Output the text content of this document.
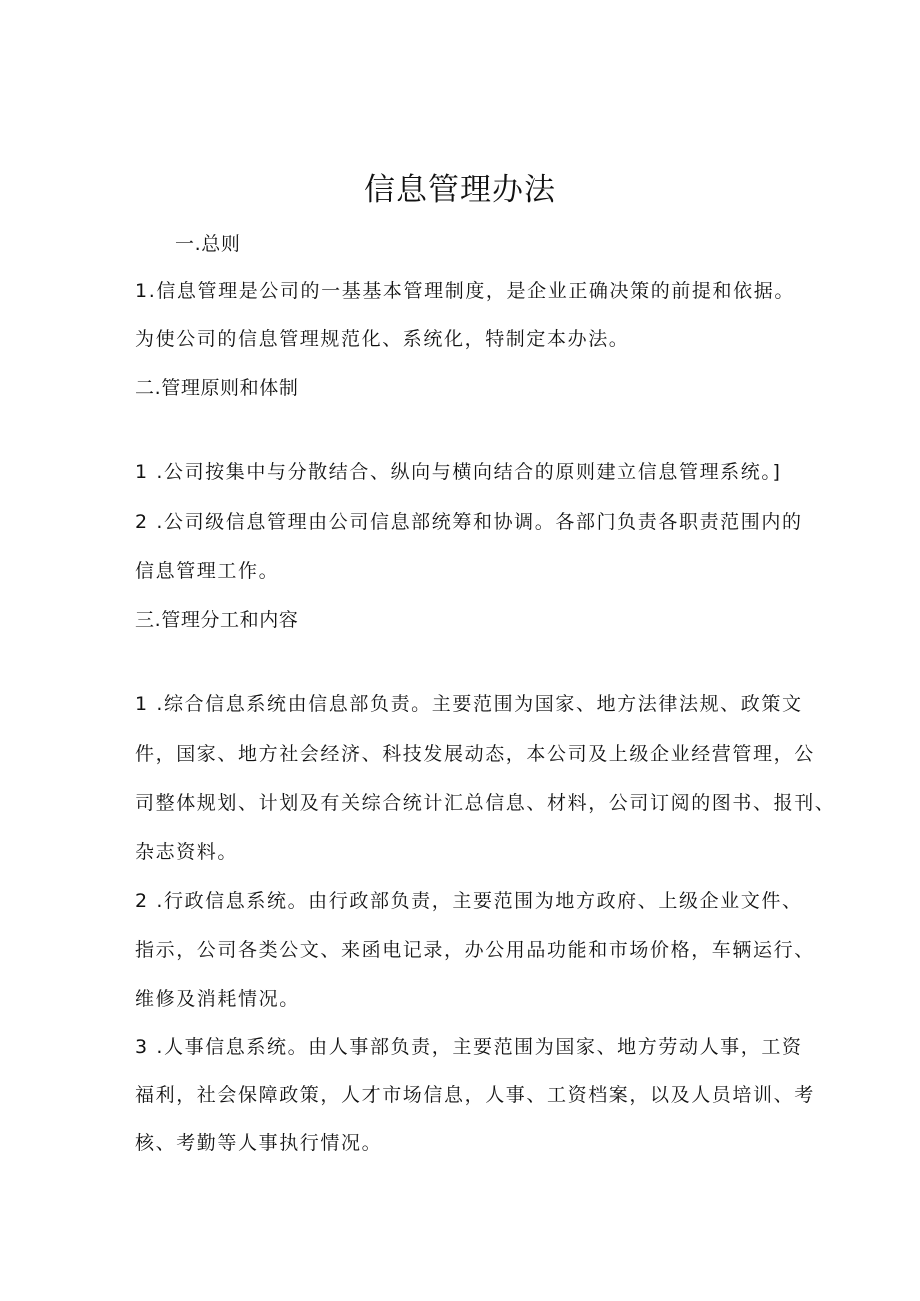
信息管理办法
一.总则
1.信息管理是公司的一基基本管理制度，是企业正确决策的前提和依据。
为使公司的信息管理规范化、系统化，特制定本办法。
二.管理原则和体制
1 .公司按集中与分散结合、纵向与横向结合的原则建立信息管理系统。]
2 .公司级信息管理由公司信息部统筹和协调。各部门负责各职责范围内的
信息管理工作。
三.管理分工和内容
1 .综合信息系统由信息部负责。主要范围为国家、地方法律法规、政策文
件，国家、地方社会经济、科技发展动态，本公司及上级企业经营管理，公
司整体规划、计划及有关综合统计汇总信息、材料，公司订阅的图书、报刊、
杂志资料。
2 .行政信息系统。由行政部负责，主要范围为地方政府、上级企业文件、
指示，公司各类公文、来函电记录，办公用品功能和市场价格，车辆运行、
维修及消耗情况。
3 .人事信息系统。由人事部负责，主要范围为国家、地方劳动人事，工资
福利，社会保障政策，人才市场信息，人事、工资档案，以及人员培训、考
核、考勤等人事执行情况。
